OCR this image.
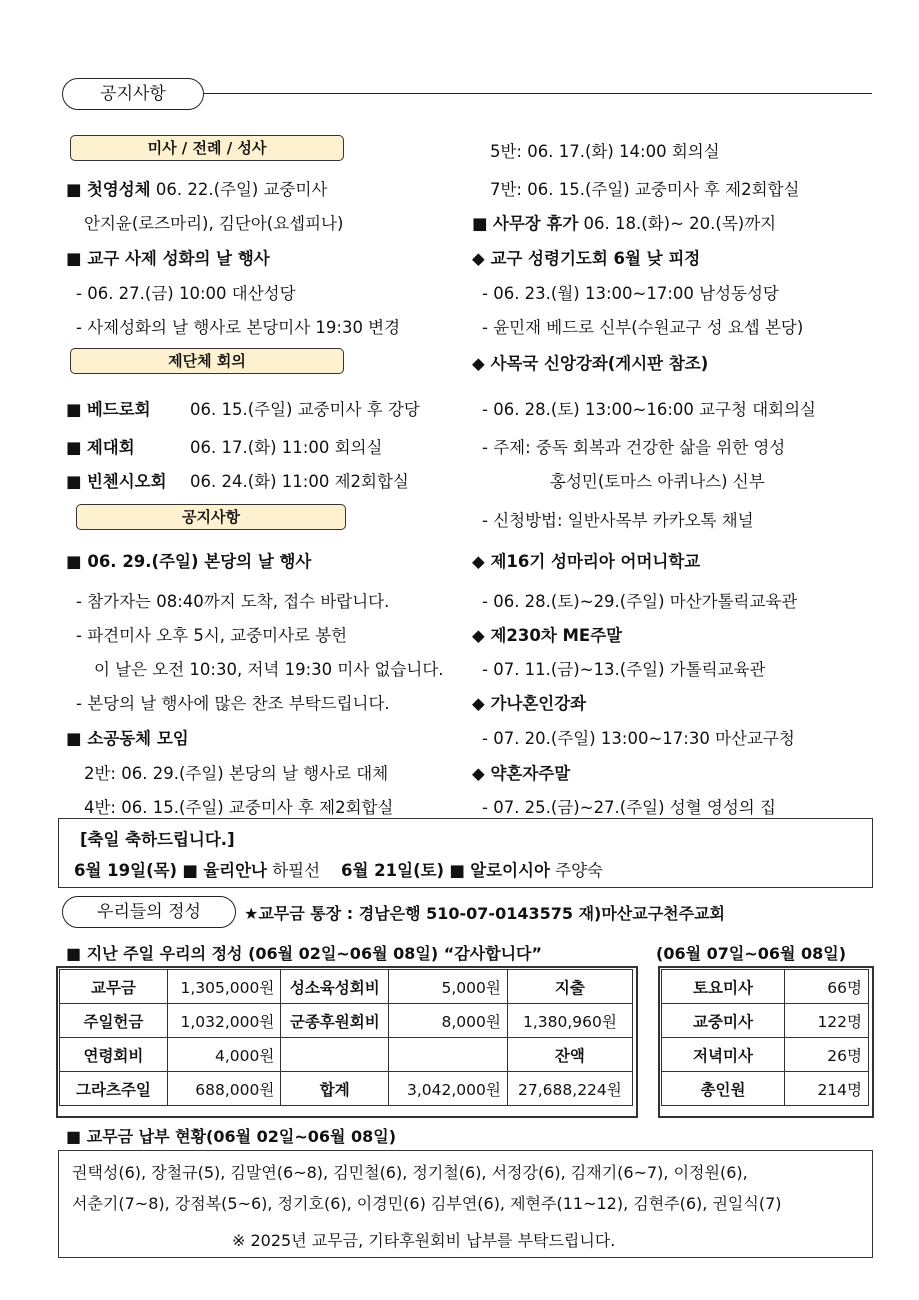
공지사항
미사 / 전례 / 성사
■ 첫영성체 06. 22.(주일) 교중미사
안지윤(로즈마리), 김단아(요셉피나)
■ 교구 사제 성화의 날 행사
- 06. 27.(금) 10:00 대산성당
- 사제성화의 날 행사로 본당미사 19:30 변경
제단체 회의
■ 베드로회 06. 15.(주일) 교중미사 후 강당
■ 제대회	06. 17.(화) 11:00 회의실
■ 빈첸시오회 06. 24.(화) 11:00 제2회합실
공지사항
■ 06. 29.(주일) 본당의 날 행사
- 참가자는 08:40까지 도착, 접수 바랍니다.
- 파견미사 오후 5시, 교중미사로 봉헌
이 날은 오전 10:30, 저녁 19:30 미사 없습니다.
- 본당의 날 행사에 많은 찬조 부탁드립니다.
■ 소공동체 모임
2반: 06. 29.(주일) 본당의 날 행사로 대체
4반: 06. 15.(주일) 교중미사 후 제2회합실
5반: 06. 17.(화) 14:00 회의실
7반: 06. 15.(주일) 교중미사 후 제2회합실
■ 사무장 휴가 06. 18.(화)~ 20.(목)까지
◆ 교구 성령기도회 6월 낮 피정
- 06. 23.(월) 13:00~17:00 남성동성당
- 윤민재 베드로 신부(수원교구 성 요셉 본당)
◆ 사목국 신앙강좌(게시판 참조)
- 06. 28.(토) 13:00~16:00 교구청 대회의실
- 주제: 중독 회복과 건강한 삶을 위한 영성
홍성민(토마스 아퀴나스) 신부
- 신청방법: 일반사목부 카카오톡 채널
◆ 제16기 성마리아 어머니학교
- 06. 28.(토)~29.(주일) 마산가톨릭교육관
◆ 제230차 ME주말
- 07. 11.(금)~13.(주일) 가톨릭교육관
◆ 가나혼인강좌
- 07. 20.(주일) 13:00~17:30 마산교구청
◆ 약혼자주말
- 07. 25.(금)~27.(주일) 성혈 영성의 집
[축일 축하드립니다.]
6월 19일(목) ■ 율리안나 하필선 6월 21일(토) ■ 알로이시아 주양숙
우리들의 정성	★교무금 통장 : 경남은행 510-07-0143575 재)마산교구천주교회
■ 지난 주일 우리의 정성 (06월 02일~06월 08일) “감사합니다”	(06월 07일~06월 08일)
교무금	1,305,000원	성소육성회비	5,000원	지출
주일헌금	1,032,000원	군종후원회비	8,000원	1,380,960원
연령회비	4,000원			잔액
그라츠주일	688,000원	합계	3,042,000원	27,688,224원
토요미사	66명
교중미사	122명
저녁미사	26명
총인원	214명
■ 교무금 납부 현황(06월 02일~06월 08일)
권택성(6), 장철규(5), 김말연(6~8), 김민철(6), 정기철(6), 서정강(6), 김재기(6~7), 이정원(6),
서춘기(7~8), 강점복(5~6), 정기호(6), 이경민(6) 김부연(6), 제현주(11~12), 김현주(6), 권일식(7)
※ 2025년 교무금, 기타후원회비 납부를 부탁드립니다.
